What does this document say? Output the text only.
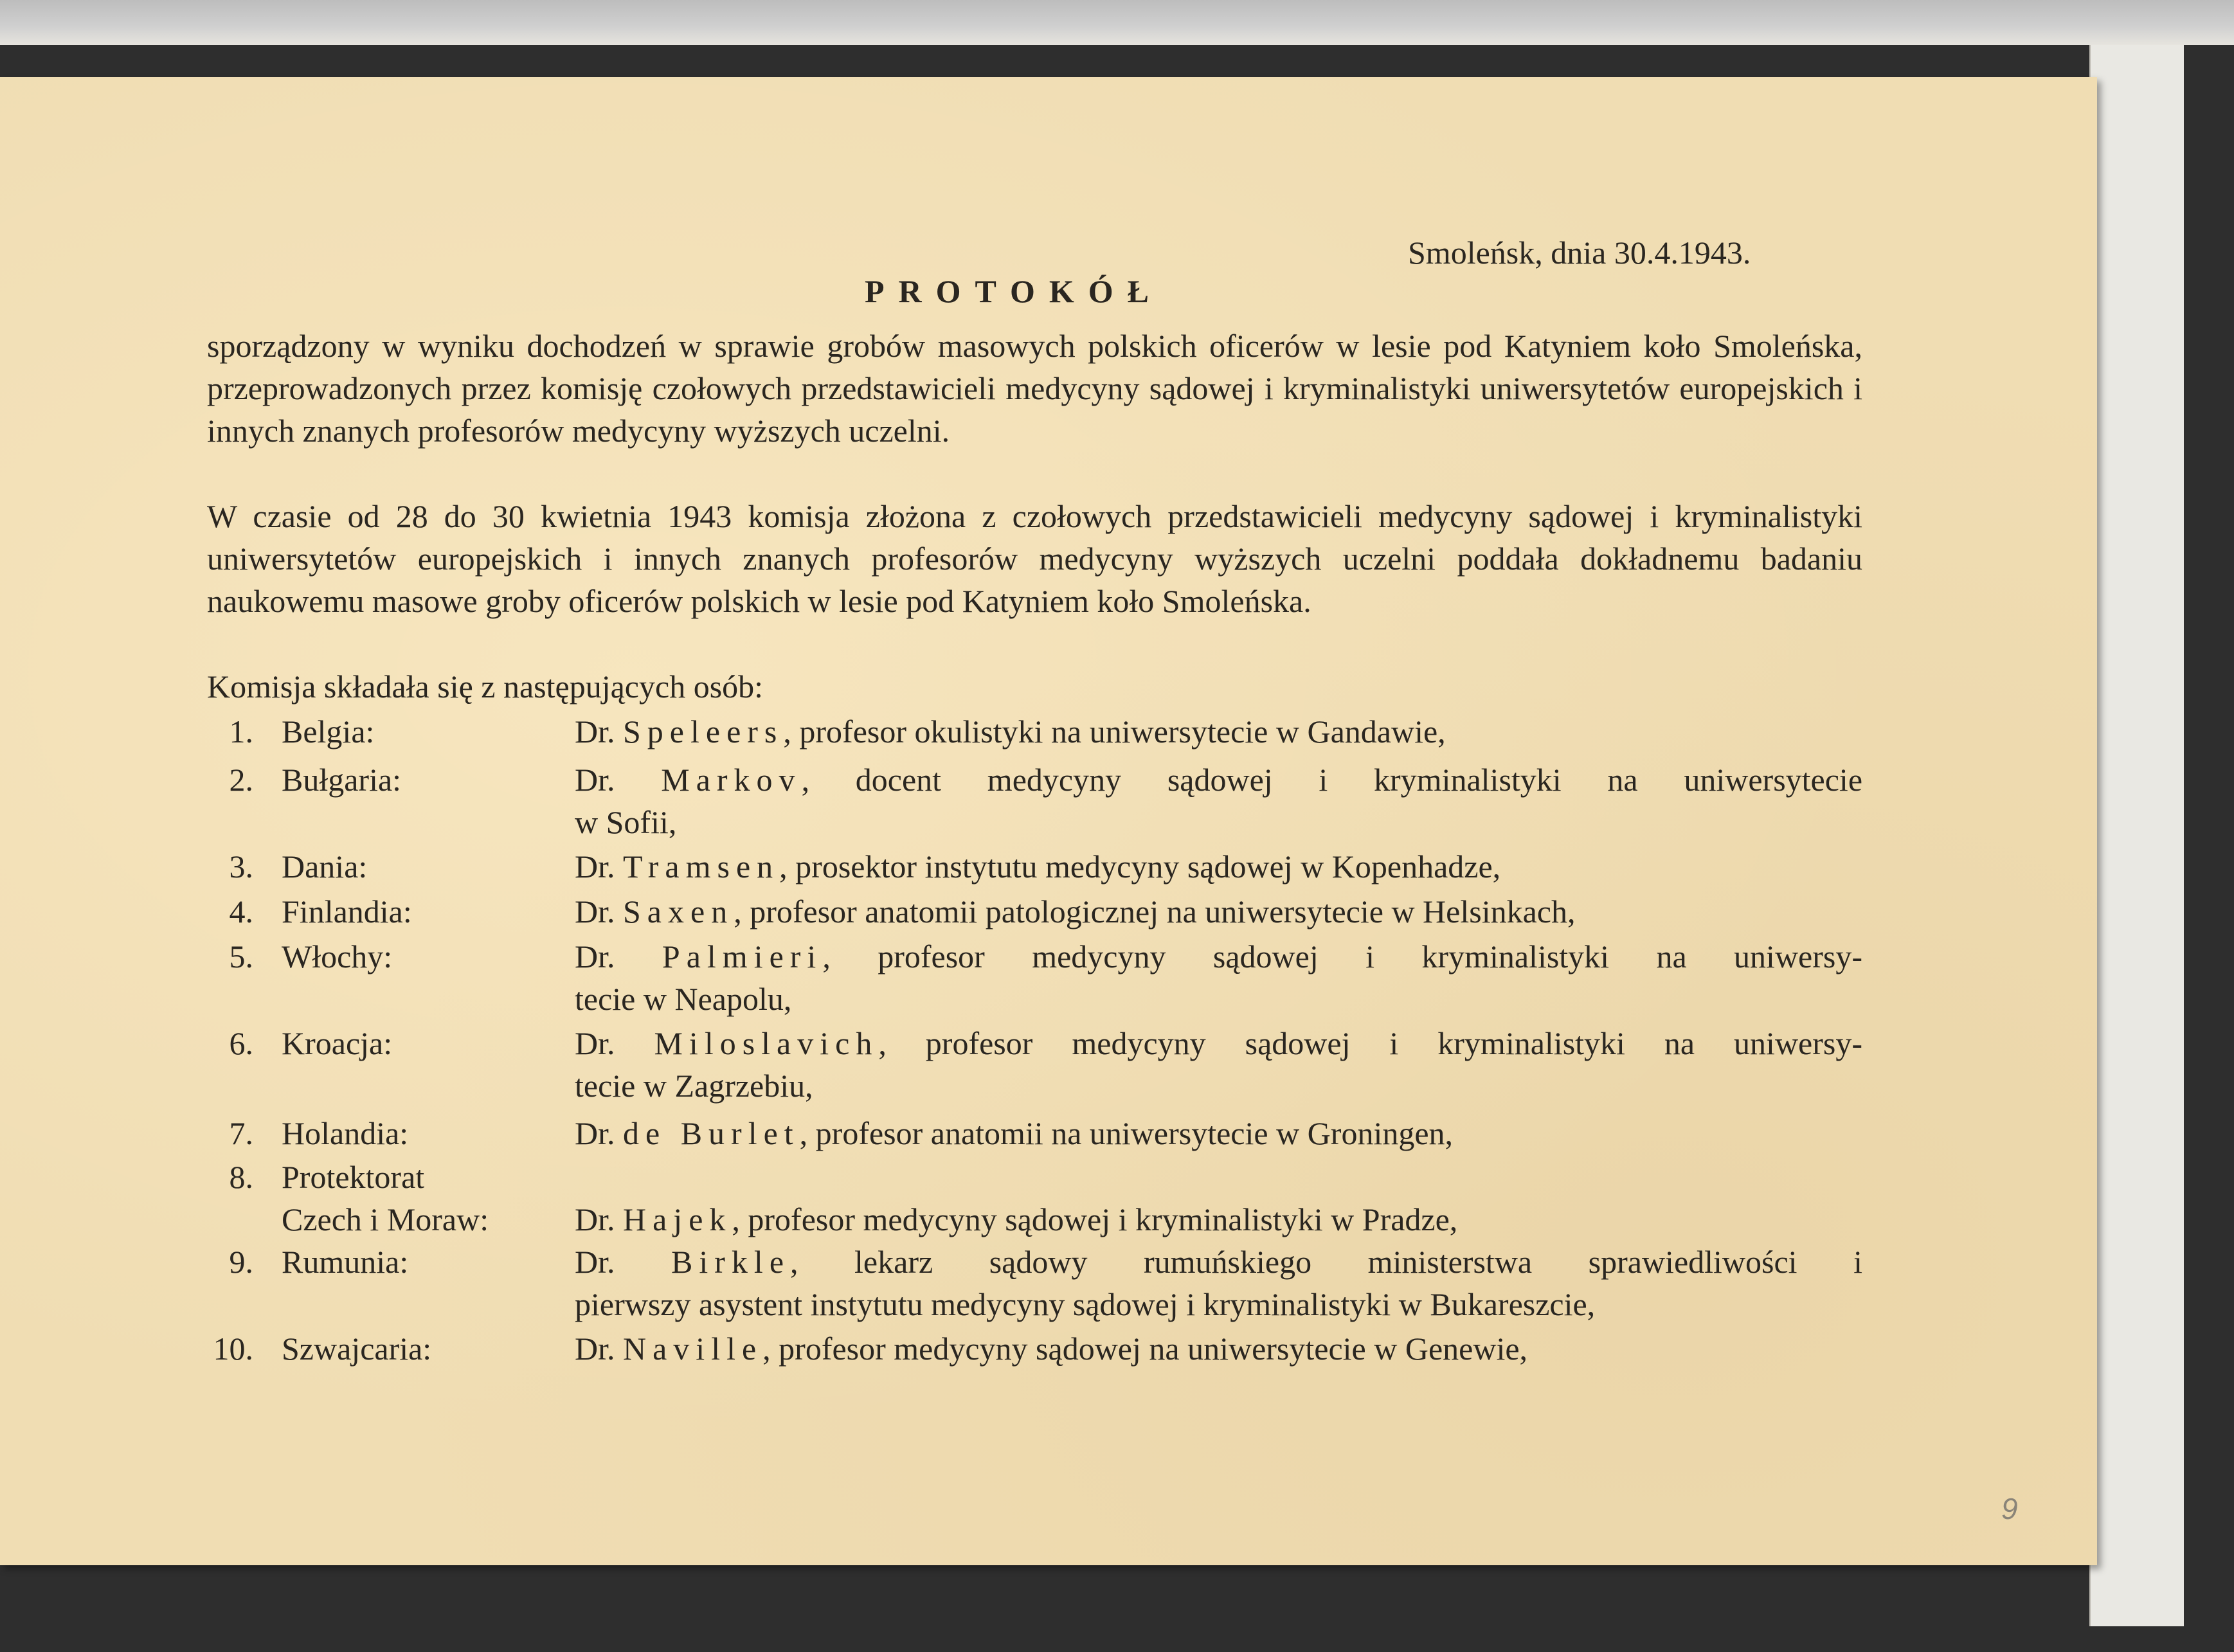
Smoleńsk, dnia 30.4.1943.
PROTOKÓŁ
sporządzony w wyniku dochodzeń w sprawie grobów masowych polskich oficerów w lesie pod Katyniem koło Smoleńska, przeprowadzonych przez komisję czołowych przedstawicieli medycyny sądowej i kryminalistyki uniwersytetów europejskich i innych znanych profesorów medycyny wyższych uczelni.
W czasie od 28 do 30 kwietnia 1943 komisja złożona z czołowych przedstawicieli medycyny sądowej i kryminalistyki uniwersytetów europejskich i innych znanych profesorów medycyny wyższych uczelni poddała dokładnemu badaniu naukowemu masowe groby oficerów polskich w lesie pod Katyniem koło Smoleńska.
Komisja składała się z następujących osób:
1. Belgia:	Dr. Speleers, profesor okulistyki na uniwersytecie w Gandawie,
2. Bułgaria:	Dr. Markov, docent medycyny sądowej i kryminalistyki na uniwersytecie
w Sofii,
3. Dania:	Dr. Tramsen, prosektor instytutu medycyny sądowej w Kopenhadze,
4. Finlandia:	Dr. Saxen, profesor anatomii patologicznej na uniwersytecie w Helsinkach,
5. Włochy:	Dr. Palmieri, profesor medycyny sądowej i kryminalistyki na uniwersy-
tecie w Neapolu,
6. Kroacja:	Dr. Miloslavich, profesor medycyny sądowej i kryminalistyki na uniwersy-
tecie w Zagrzebiu,
7. Holandia:	Dr. de Burlet, profesor anatomii na uniwersytecie w Groningen,
8. Protektorat
Czech i Moraw:	Dr. Hajek, profesor medycyny sądowej i kryminalistyki w Pradze,
9. Rumunia:	Dr. Birkle, lekarz sądowy rumuńskiego ministerstwa sprawiedliwości i
pierwszy asystent instytutu medycyny sądowej i kryminalistyki w Bukareszcie,
10. Szwajcaria:	Dr. Naville, profesor medycyny sądowej na uniwersytecie w Genewie,
9
